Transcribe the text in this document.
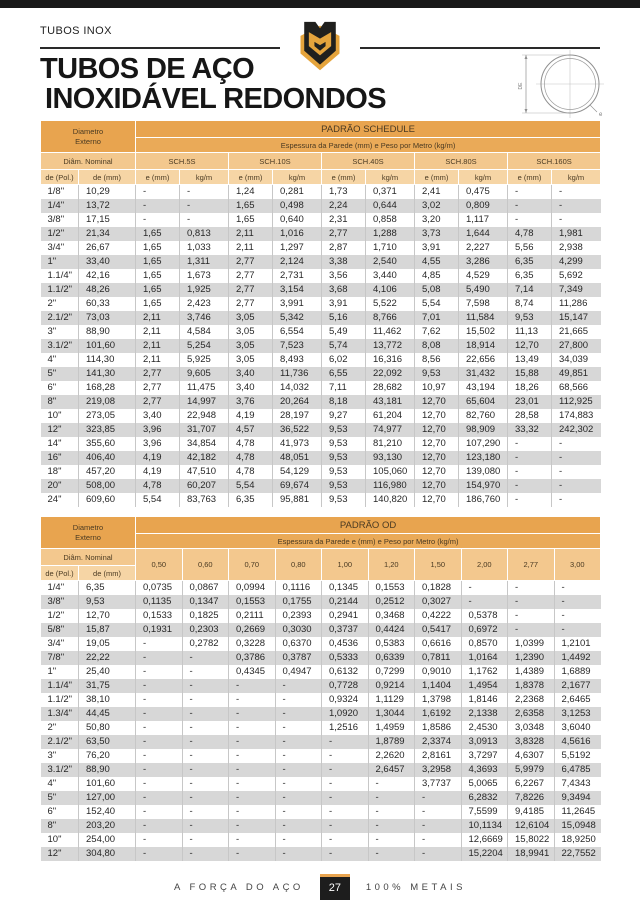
TUBOS INOX
TUBOS DE AÇO
INOXIDÁVEL REDONDOS	DE
e
Diametro Externo		PADRÃO SCHEDULE									
		Espessura da Parede (mm) e Peso por Metro (kg/m)									
Diâm. Nominal		SCH.5S		SCH.10S		SCH.40S		SCH.80S		SCH.160S	
de (Pol.)	de (mm)	e (mm)	kg/m	e (mm)	kg/m	e (mm)	kg/m	e (mm)	kg/m	e (mm)	kg/m
1/8"	10,29	-	-	1,24	0,281	1,73	0,371	2,41	0,475	-	-
1/4"	13,72	-	-	1,65	0,498	2,24	0,644	3,02	0,809	-	-
3/8"	17,15	-	-	1,65	0,640	2,31	0,858	3,20	1,117	-	-
1/2"	21,34	1,65	0,813	2,11	1,016	2,77	1,288	3,73	1,644	4,78	1,981
3/4"	26,67	1,65	1,033	2,11	1,297	2,87	1,710	3,91	2,227	5,56	2,938
1"	33,40	1,65	1,311	2,77	2,124	3,38	2,540	4,55	3,286	6,35	4,299
1.1/4"	42,16	1,65	1,673	2,77	2,731	3,56	3,440	4,85	4,529	6,35	5,692
1.1/2"	48,26	1,65	1,925	2,77	3,154	3,68	4,106	5,08	5,490	7,14	7,349
2"	60,33	1,65	2,423	2,77	3,991	3,91	5,522	5,54	7,598	8,74	11,286
2.1/2"	73,03	2,11	3,746	3,05	5,342	5,16	8,766	7,01	11,584	9,53	15,147
3"	88,90	2,11	4,584	3,05	6,554	5,49	11,462	7,62	15,502	11,13	21,665
3.1/2"	101,60	2,11	5,254	3,05	7,523	5,74	13,772	8,08	18,914	12,70	27,800
4"	114,30	2,11	5,925	3,05	8,493	6,02	16,316	8,56	22,656	13,49	34,039
5"	141,30	2,77	9,605	3,40	11,736	6,55	22,092	9,53	31,432	15,88	49,851
6"	168,28	2,77	11,475	3,40	14,032	7,11	28,682	10,97	43,194	18,26	68,566
8"	219,08	2,77	14,997	3,76	20,264	8,18	43,181	12,70	65,604	23,01	112,925
10"	273,05	3,40	22,948	4,19	28,197	9,27	61,204	12,70	82,760	28,58	174,883
12"	323,85	3,96	31,707	4,57	36,522	9,53	74,977	12,70	98,909	33,32	242,302
14"	355,60	3,96	34,854	4,78	41,973	9,53	81,210	12,70	107,290	-	-
16"	406,40	4,19	42,182	4,78	48,051	9,53	93,130	12,70	123,180	-	-
18"	457,20	4,19	47,510	4,78	54,129	9,53	105,060	12,70	139,080	-	-
20"	508,00	4,78	60,207	5,54	69,674	9,53	116,980	12,70	154,970	-	-
24"	609,60	5,54	83,763	6,35	95,881	9,53	140,820	12,70	186,760	-	-
Diametro Externo		PADRÃO OD									
		Espessura da Parede e (mm) e Peso por Metro (kg/m)									
Diâm. Nominal		0,50	0,60	0,70	0,80	1,00	1,20	1,50	2,00	2,77	3,00
de (Pol.)	de (mm)										
1/4"	6,35	0,0735	0,0867	0,0994	0,1116	0,1345	0,1553	0,1828	-	-	-
3/8"	9,53	0,1135	0,1347	0,1553	0,1755	0,2144	0,2512	0,3027	-	-	-
1/2"	12,70	0,1533	0,1825	0,2111	0,2393	0,2941	0,3468	0,4222	0,5378	-	-
5/8"	15,87	0,1931	0,2303	0,2669	0,3030	0,3737	0,4424	0,5417	0,6972	-	-
3/4"	19,05	-	0,2782	0,3228	0,6370	0,4536	0,5383	0,6616	0,8570	1,0399	1,2101
7/8"	22,22	-	-	0,3786	0,3787	0,5333	0,6339	0,7811	1,0164	1,2390	1,4492
1"	25,40	-	-	0,4345	0,4947	0,6132	0,7299	0,9010	1,1762	1,4389	1,6889
1.1/4"	31,75	-	-	-	-	0,7728	0,9214	1,1404	1,4954	1,8378	2,1677
1.1/2"	38,10	-	-	-	-	0,9324	1,1129	1,3798	1,8146	2,2368	2,6465
1.3/4"	44,45	-	-	-	-	1,0920	1,3044	1,6192	2,1338	2,6358	3,1253
2"	50,80	-	-	-	-	1,2516	1,4959	1,8586	2,4530	3,0348	3,6040
2.1/2"	63,50	-	-	-	-	-	1,8789	2,3374	3,0913	3,8328	4,5616
3"	76,20	-	-	-	-	-	2,2620	2,8161	3,7297	4,6307	5,5192
3.1/2"	88,90	-	-	-	-	-	2,6457	3,2958	4,3693	5,9979	6,4785
4"	101,60	-	-	-	-	-	-	3,7737	5,0065	6,2267	7,4343
5"	127,00	-	-	-	-	-	-	-	6,2832	7,8226	9,3494
6"	152,40	-	-	-	-	-	-	-	7,5599	9,4185	11,2645
8"	203,20	-	-	-	-	-	-	-	10,1134	12,6104	15,0948
10"	254,00	-	-	-	-	-	-	-	12,6669	15,8022	18,9250
12"	304,80	-	-	-	-	-	-	-	15,2204	18,9941	22,7552
A FORÇA DO AÇO	27	100% METAIS
